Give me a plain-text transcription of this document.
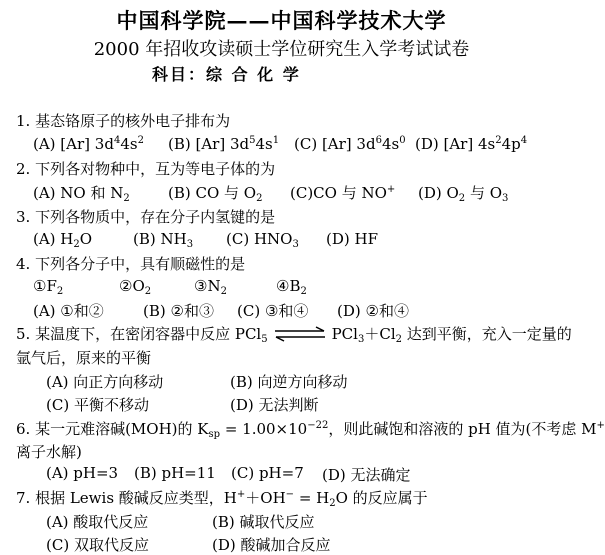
中国科学院——中国科学技术大学
2000 年招收攻读硕士学位研究生入学考试试卷
科目：综 合 化 学
1. 基态铬原子的核外电子排布为
(A) [Ar] $3d^44s^2$ (B) [Ar] $3d^54s^1$ (C) [Ar] $3d^64s^0$ (D) [Ar] $4s^24p^4$
2. 下列各对物种中，互为等电子体的为
(A) NO 和 $N_2$	(B) CO 与 $O_2$ (C)CO 与 NO+ (D) $O_2$ 与 $O_3$
3. 下列各物质中，存在分子内氢键的是
(A) $H_2O$	(B) $NH_3$ (C) $HNO_3$ (D) HF
4. 下列各分子中，具有顺磁性的是
$①F_2$	$②O_2$	$③N_2$	$④B_2$
(A) ①和②	(B) ②和③ (C) ③和④ (D) ②和④
5. 某温度下，在密闭容器中反应 PCl$_5$ ⇌ $PCl_3+Cl_2$ 达到平衡，充入一定量的
氩气后，原来的平衡
(A) 向正方向移动	(B) 向逆方向移动
(C) 平衡不移动	(D) 无法判断
6. 某一元难溶碱(MOH)的 $K_{sp} = 1.00\times 10^{-22}$，则此碱饱和溶液的 pH 值为(不考虑 M+
离子水解)
(A) pH=3 (B) pH=11 (C) pH=7 (D) 无法确定
7. 根据 Lewis 酸碱反应类型，$H^++OH^- = H_2O$ 的反应属于
(A) 酸取代反应	(B) 碱取代反应
(C) 双取代反应	(D) 酸碱加合反应
